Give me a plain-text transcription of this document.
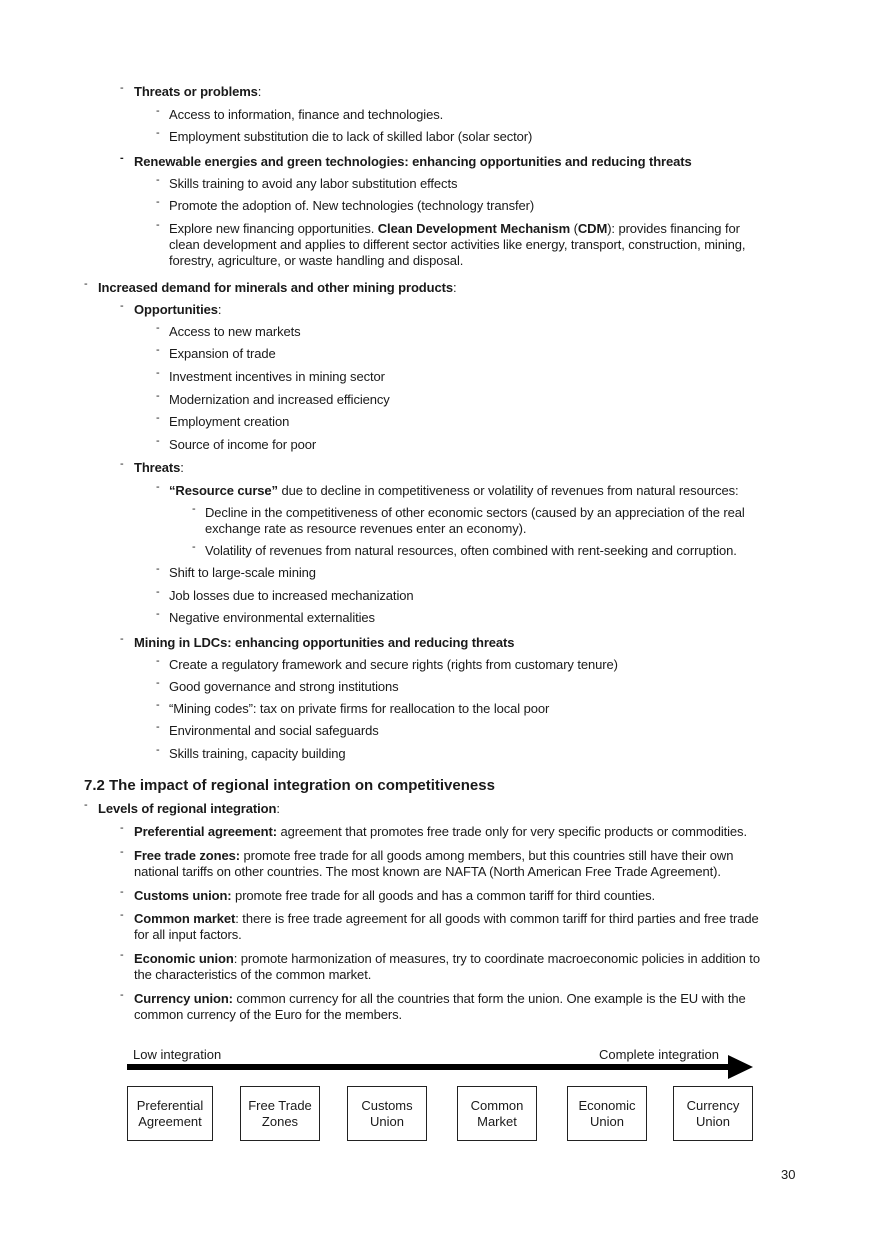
- Threats or problems:
- Access to information, finance and technologies.
- Employment substitution die to lack of skilled labor (solar sector)
- Renewable energies and green technologies: enhancing opportunities and reducing threats
- Skills training to avoid any labor substitution effects
- Promote the adoption of. New technologies (technology transfer)
- Explore new financing opportunities. Clean Development Mechanism (CDM): provides financing for
clean development and applies to different sector activities like energy, transport, construction, mining,
forestry, agriculture, or waste handling and disposal.
- Increased demand for minerals and other mining products:
- Opportunities:
- Access to new markets
- Expansion of trade
- Investment incentives in mining sector
- Modernization and increased efficiency
- Employment creation
- Source of income for poor
- Threats:
- “Resource curse” due to decline in competitiveness or volatility of revenues from natural resources:
- Decline in the competitiveness of other economic sectors (caused by an appreciation of the real
exchange rate as resource revenues enter an economy).
- Volatility of revenues from natural resources, often combined with rent-seeking and corruption.
- Shift to large-scale mining
- Job losses due to increased mechanization
- Negative environmental externalities
- Mining in LDCs: enhancing opportunities and reducing threats
- Create a regulatory framework and secure rights (rights from customary tenure)
- Good governance and strong institutions
- “Mining codes”: tax on private firms for reallocation to the local poor
- Environmental and social safeguards
- Skills training, capacity building
7.2 The impact of regional integration on competitiveness
- Levels of regional integration:
- Preferential agreement: agreement that promotes free trade only for very specific products or commodities.
- Free trade zones: promote free trade for all goods among members, but this countries still have their own
national tariffs on other countries. The most known are NAFTA (North American Free Trade Agreement).
- Customs union: promote free trade for all goods and has a common tariff for third counties.
- Common market: there is free trade agreement for all goods with common tariff for third parties and free trade
for all input factors.
- Economic union: promote harmonization of measures, try to coordinate macroeconomic policies in addition to
the characteristics of the common market.
- Currency union: common currency for all the countries that form the union. One example is the EU with the
common currency of the Euro for the members.
Low integration	Complete integration
Preferential
Agreement
Free Trade
Zones
Customs
Union
Common
Market
Economic
Union
Currency
Union
30
